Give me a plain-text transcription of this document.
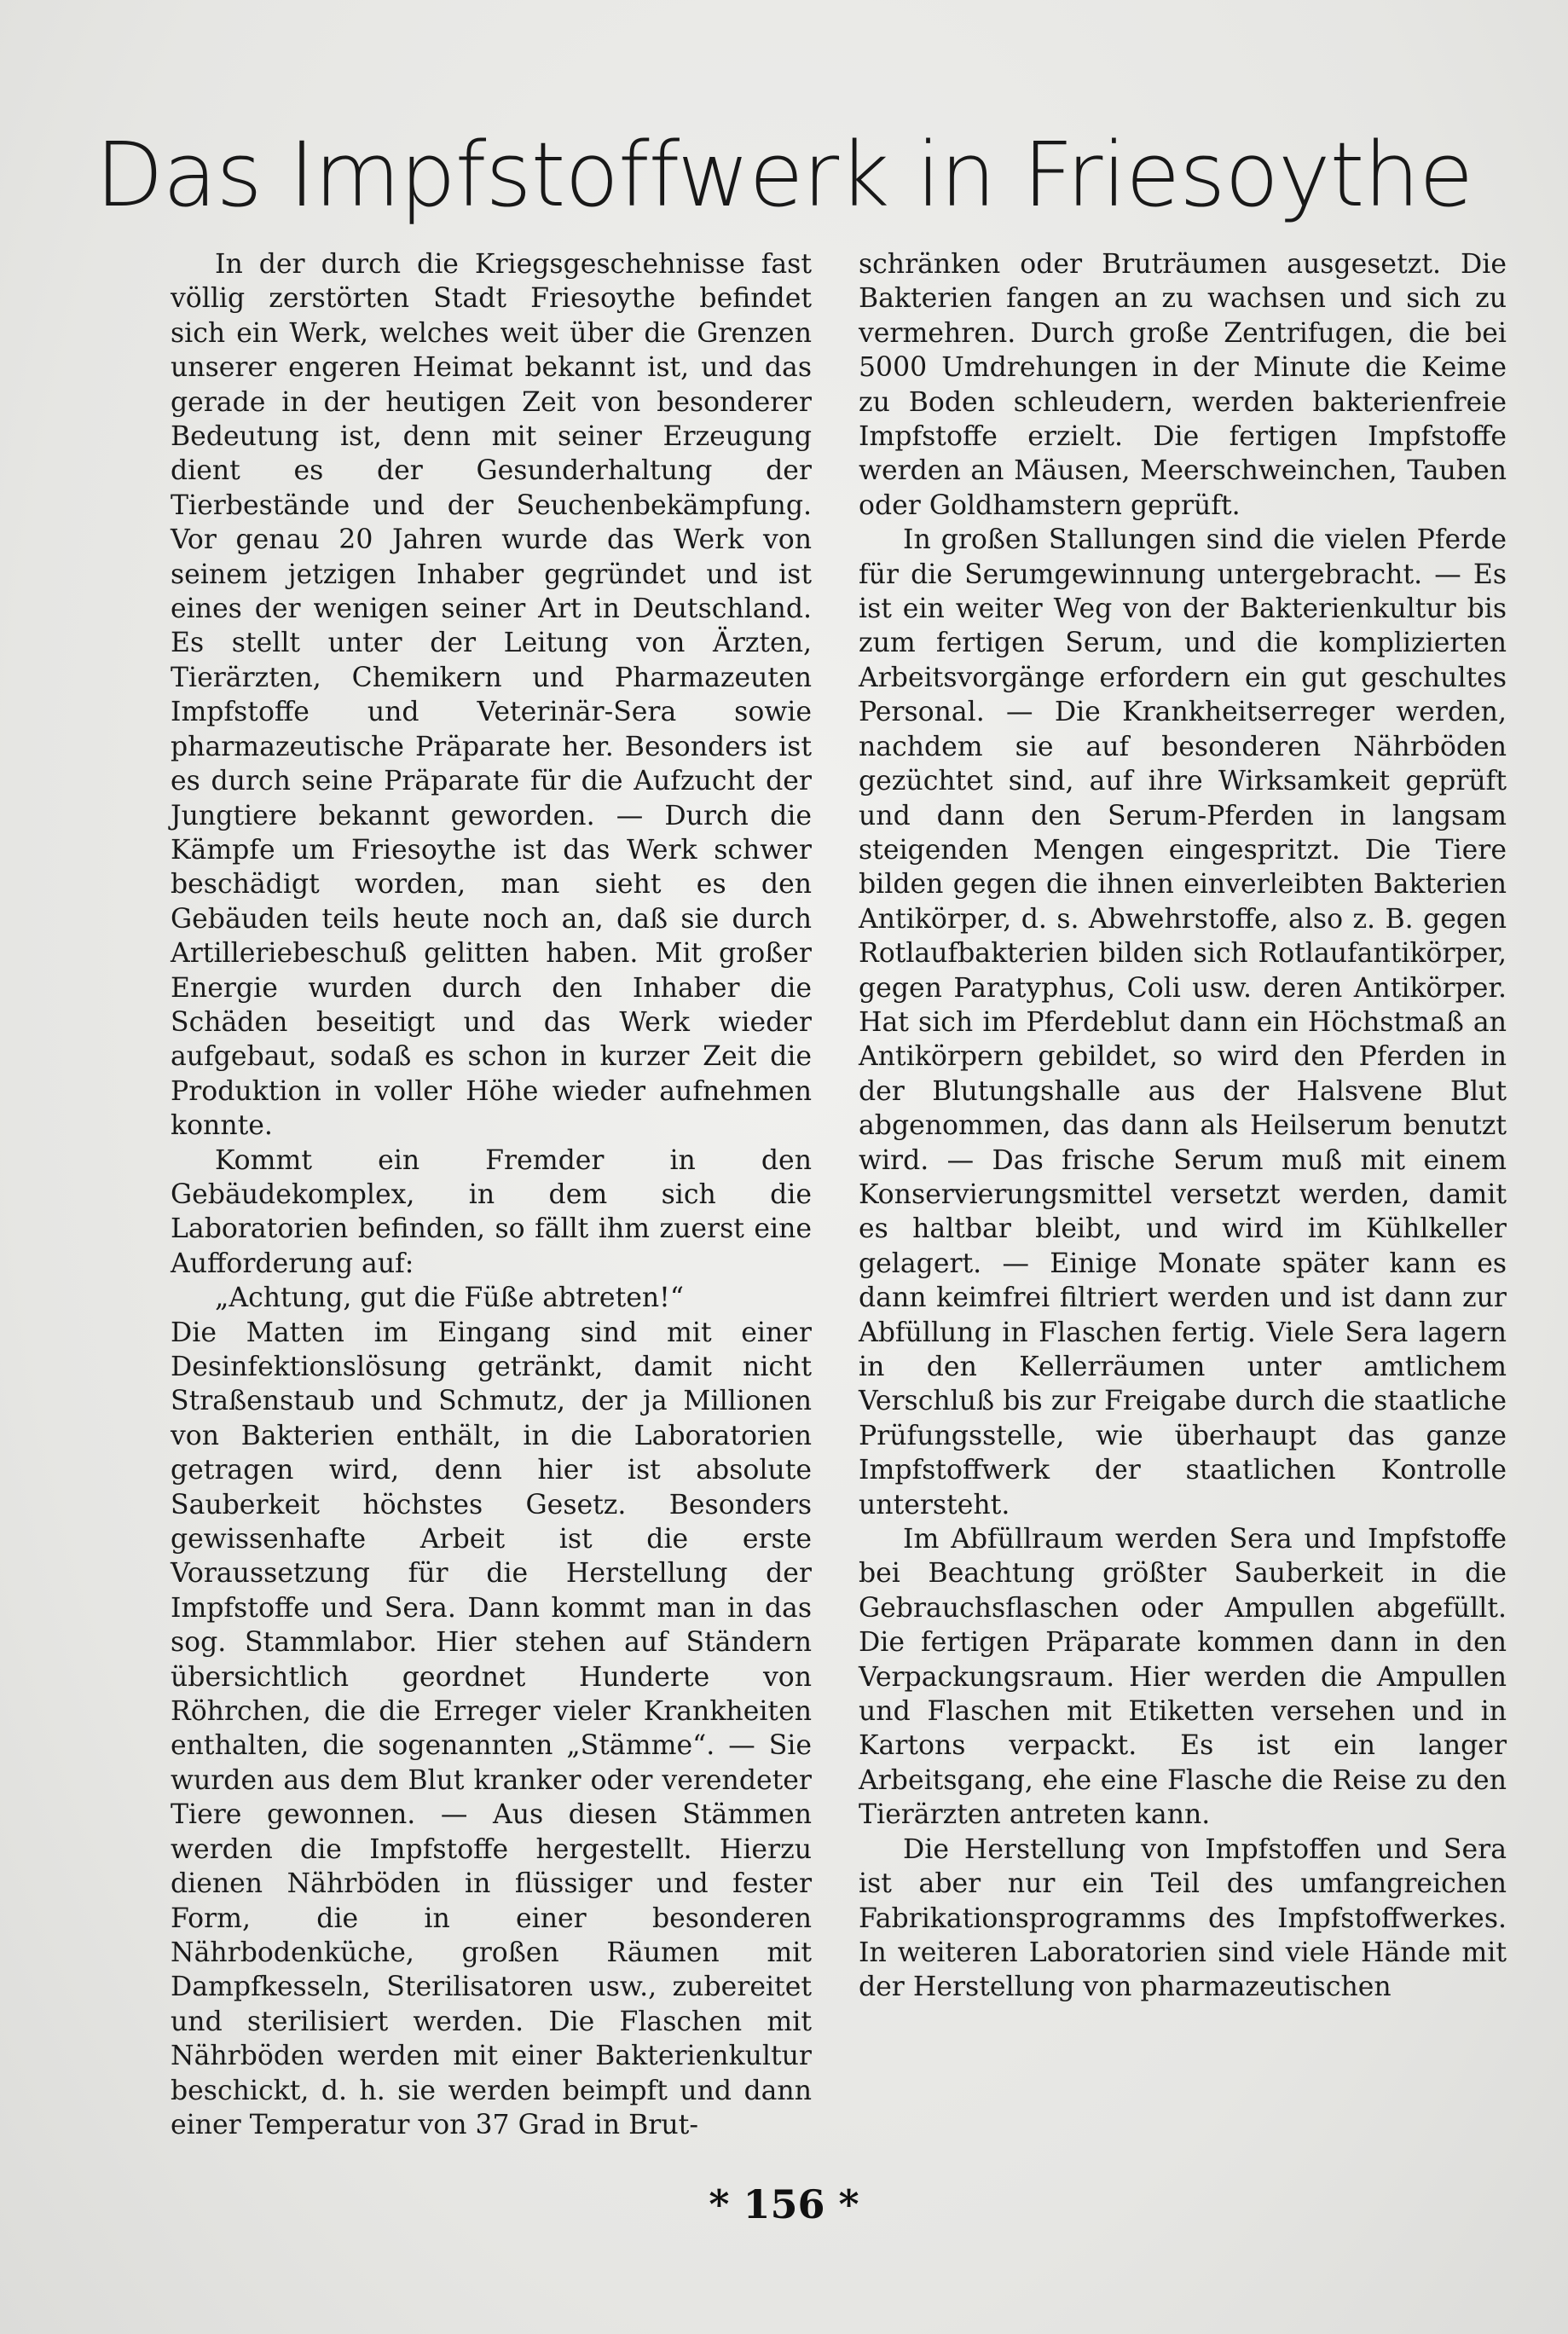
Das Impfstoffwerk in Friesoythe

In der durch die Kriegsgeschehnisse fast völlig zerstörten Stadt Friesoythe befindet sich ein Werk, welches weit über die Grenzen unserer engeren Heimat bekannt ist, und das gerade in der heutigen Zeit von besonderer Bedeutung ist, denn mit seiner Erzeugung dient es der Gesunderhaltung der Tierbestände und der Seuchenbekämpfung. Vor genau 20 Jahren wurde das Werk von seinem jetzigen Inhaber gegründet und ist eines der wenigen seiner Art in Deutschland. Es stellt unter der Leitung von Ärzten, Tierärzten, Chemikern und Pharmazeuten Impfstoffe und Veterinär-Sera sowie pharmazeutische Präparate her. Besonders ist es durch seine Präparate für die Aufzucht der Jungtiere bekannt geworden. — Durch die Kämpfe um Friesoythe ist das Werk schwer beschädigt worden, man sieht es den Gebäuden teils heute noch an, daß sie durch Artilleriebeschuß gelitten haben. Mit großer Energie wurden durch den Inhaber die Schäden beseitigt und das Werk wieder aufgebaut, sodaß es schon in kurzer Zeit die Produktion in voller Höhe wieder aufnehmen konnte.

Kommt ein Fremder in den Gebäudekomplex, in dem sich die Laboratorien befinden, so fällt ihm zuerst eine Aufforderung auf:

„Achtung, gut die Füße abtreten!“

Die Matten im Eingang sind mit einer Desinfektionslösung getränkt, damit nicht Straßenstaub und Schmutz, der ja Millionen von Bakterien enthält, in die Laboratorien getragen wird, denn hier ist absolute Sauberkeit höchstes Gesetz. Besonders gewissenhafte Arbeit ist die erste Voraussetzung für die Herstellung der Impfstoffe und Sera. Dann kommt man in das sog. Stammlabor. Hier stehen auf Ständern übersichtlich geordnet Hunderte von Röhrchen, die die Erreger vieler Krankheiten enthalten, die sogenannten „Stämme“. — Sie wurden aus dem Blut kranker oder verendeter Tiere gewonnen. — Aus diesen Stämmen werden die Impfstoffe hergestellt. Hierzu dienen Nährböden in flüssiger und fester Form, die in einer besonderen Nährbodenküche, großen Räumen mit Dampfkesseln, Sterilisatoren usw., zubereitet und sterilisiert werden. Die Flaschen mit Nährböden werden mit einer Bakterienkultur beschickt, d. h. sie werden beimpft und dann einer Temperatur von 37 Grad in Brut-

schränken oder Bruträumen ausgesetzt. Die Bakterien fangen an zu wachsen und sich zu vermehren. Durch große Zentrifugen, die bei 5000 Umdrehungen in der Minute die Keime zu Boden schleudern, werden bakterienfreie Impfstoffe erzielt. Die fertigen Impfstoffe werden an Mäusen, Meerschweinchen, Tauben oder Goldhamstern geprüft.

In großen Stallungen sind die vielen Pferde für die Serumgewinnung untergebracht. — Es ist ein weiter Weg von der Bakterienkultur bis zum fertigen Serum, und die komplizierten Arbeitsvorgänge erfordern ein gut geschultes Personal. — Die Krankheitserreger werden, nachdem sie auf besonderen Nährböden gezüchtet sind, auf ihre Wirksamkeit geprüft und dann den Serum-Pferden in langsam steigenden Mengen eingespritzt. Die Tiere bilden gegen die ihnen einverleibten Bakterien Antikörper, d. s. Abwehrstoffe, also z. B. gegen Rotlaufbakterien bilden sich Rotlaufantikörper, gegen Paratyphus, Coli usw. deren Antikörper. Hat sich im Pferdeblut dann ein Höchstmaß an Antikörpern gebildet, so wird den Pferden in der Blutungshalle aus der Halsvene Blut abgenommen, das dann als Heilserum benutzt wird. — Das frische Serum muß mit einem Konservierungsmittel versetzt werden, damit es haltbar bleibt, und wird im Kühlkeller gelagert. — Einige Monate später kann es dann keimfrei filtriert werden und ist dann zur Abfüllung in Flaschen fertig. Viele Sera lagern in den Kellerräumen unter amtlichem Verschluß bis zur Freigabe durch die staatliche Prüfungsstelle, wie überhaupt das ganze Impfstoffwerk der staatlichen Kontrolle untersteht.

Im Abfüllraum werden Sera und Impfstoffe bei Beachtung größter Sauberkeit in die Gebrauchsflaschen oder Ampullen abgefüllt. Die fertigen Präparate kommen dann in den Verpackungsraum. Hier werden die Ampullen und Flaschen mit Etiketten versehen und in Kartons verpackt. Es ist ein langer Arbeitsgang, ehe eine Flasche die Reise zu den Tierärzten antreten kann.

Die Herstellung von Impfstoffen und Sera ist aber nur ein Teil des umfangreichen Fabrikationsprogramms des Impfstoffwerkes. In weiteren Laboratorien sind viele Hände mit der Herstellung von pharmazeutischen

* 156 *
